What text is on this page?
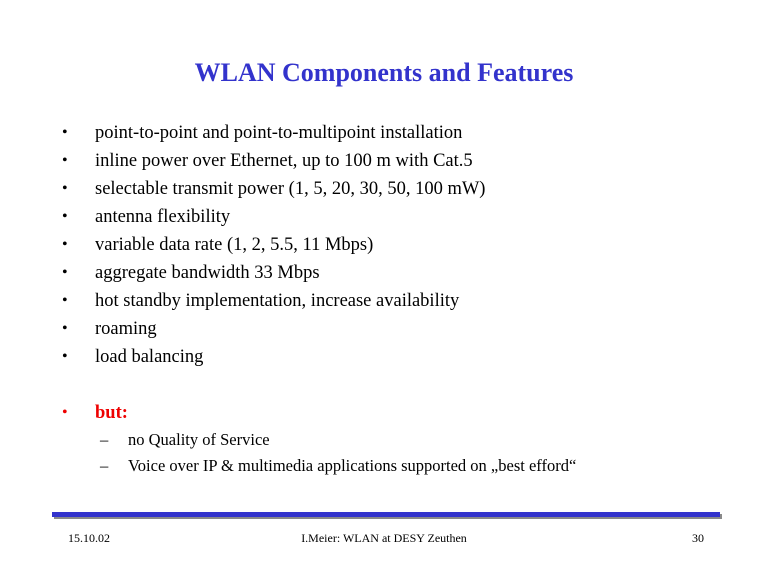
WLAN Components and Features
• point-to-point and point-to-multipoint installation
• inline power over Ethernet, up to 100 m with Cat.5
• selectable transmit power (1, 5, 20, 30, 50, 100 mW)
• antenna flexibility
• variable data rate (1, 2, 5.5, 11 Mbps)
• aggregate bandwidth 33 Mbps
• hot standby implementation, increase availability
• roaming
• load balancing
• but:
– no Quality of Service
– Voice over IP & multimedia applications supported on „best efford“
15.10.02	I.Meier: WLAN at DESY Zeuthen	30
